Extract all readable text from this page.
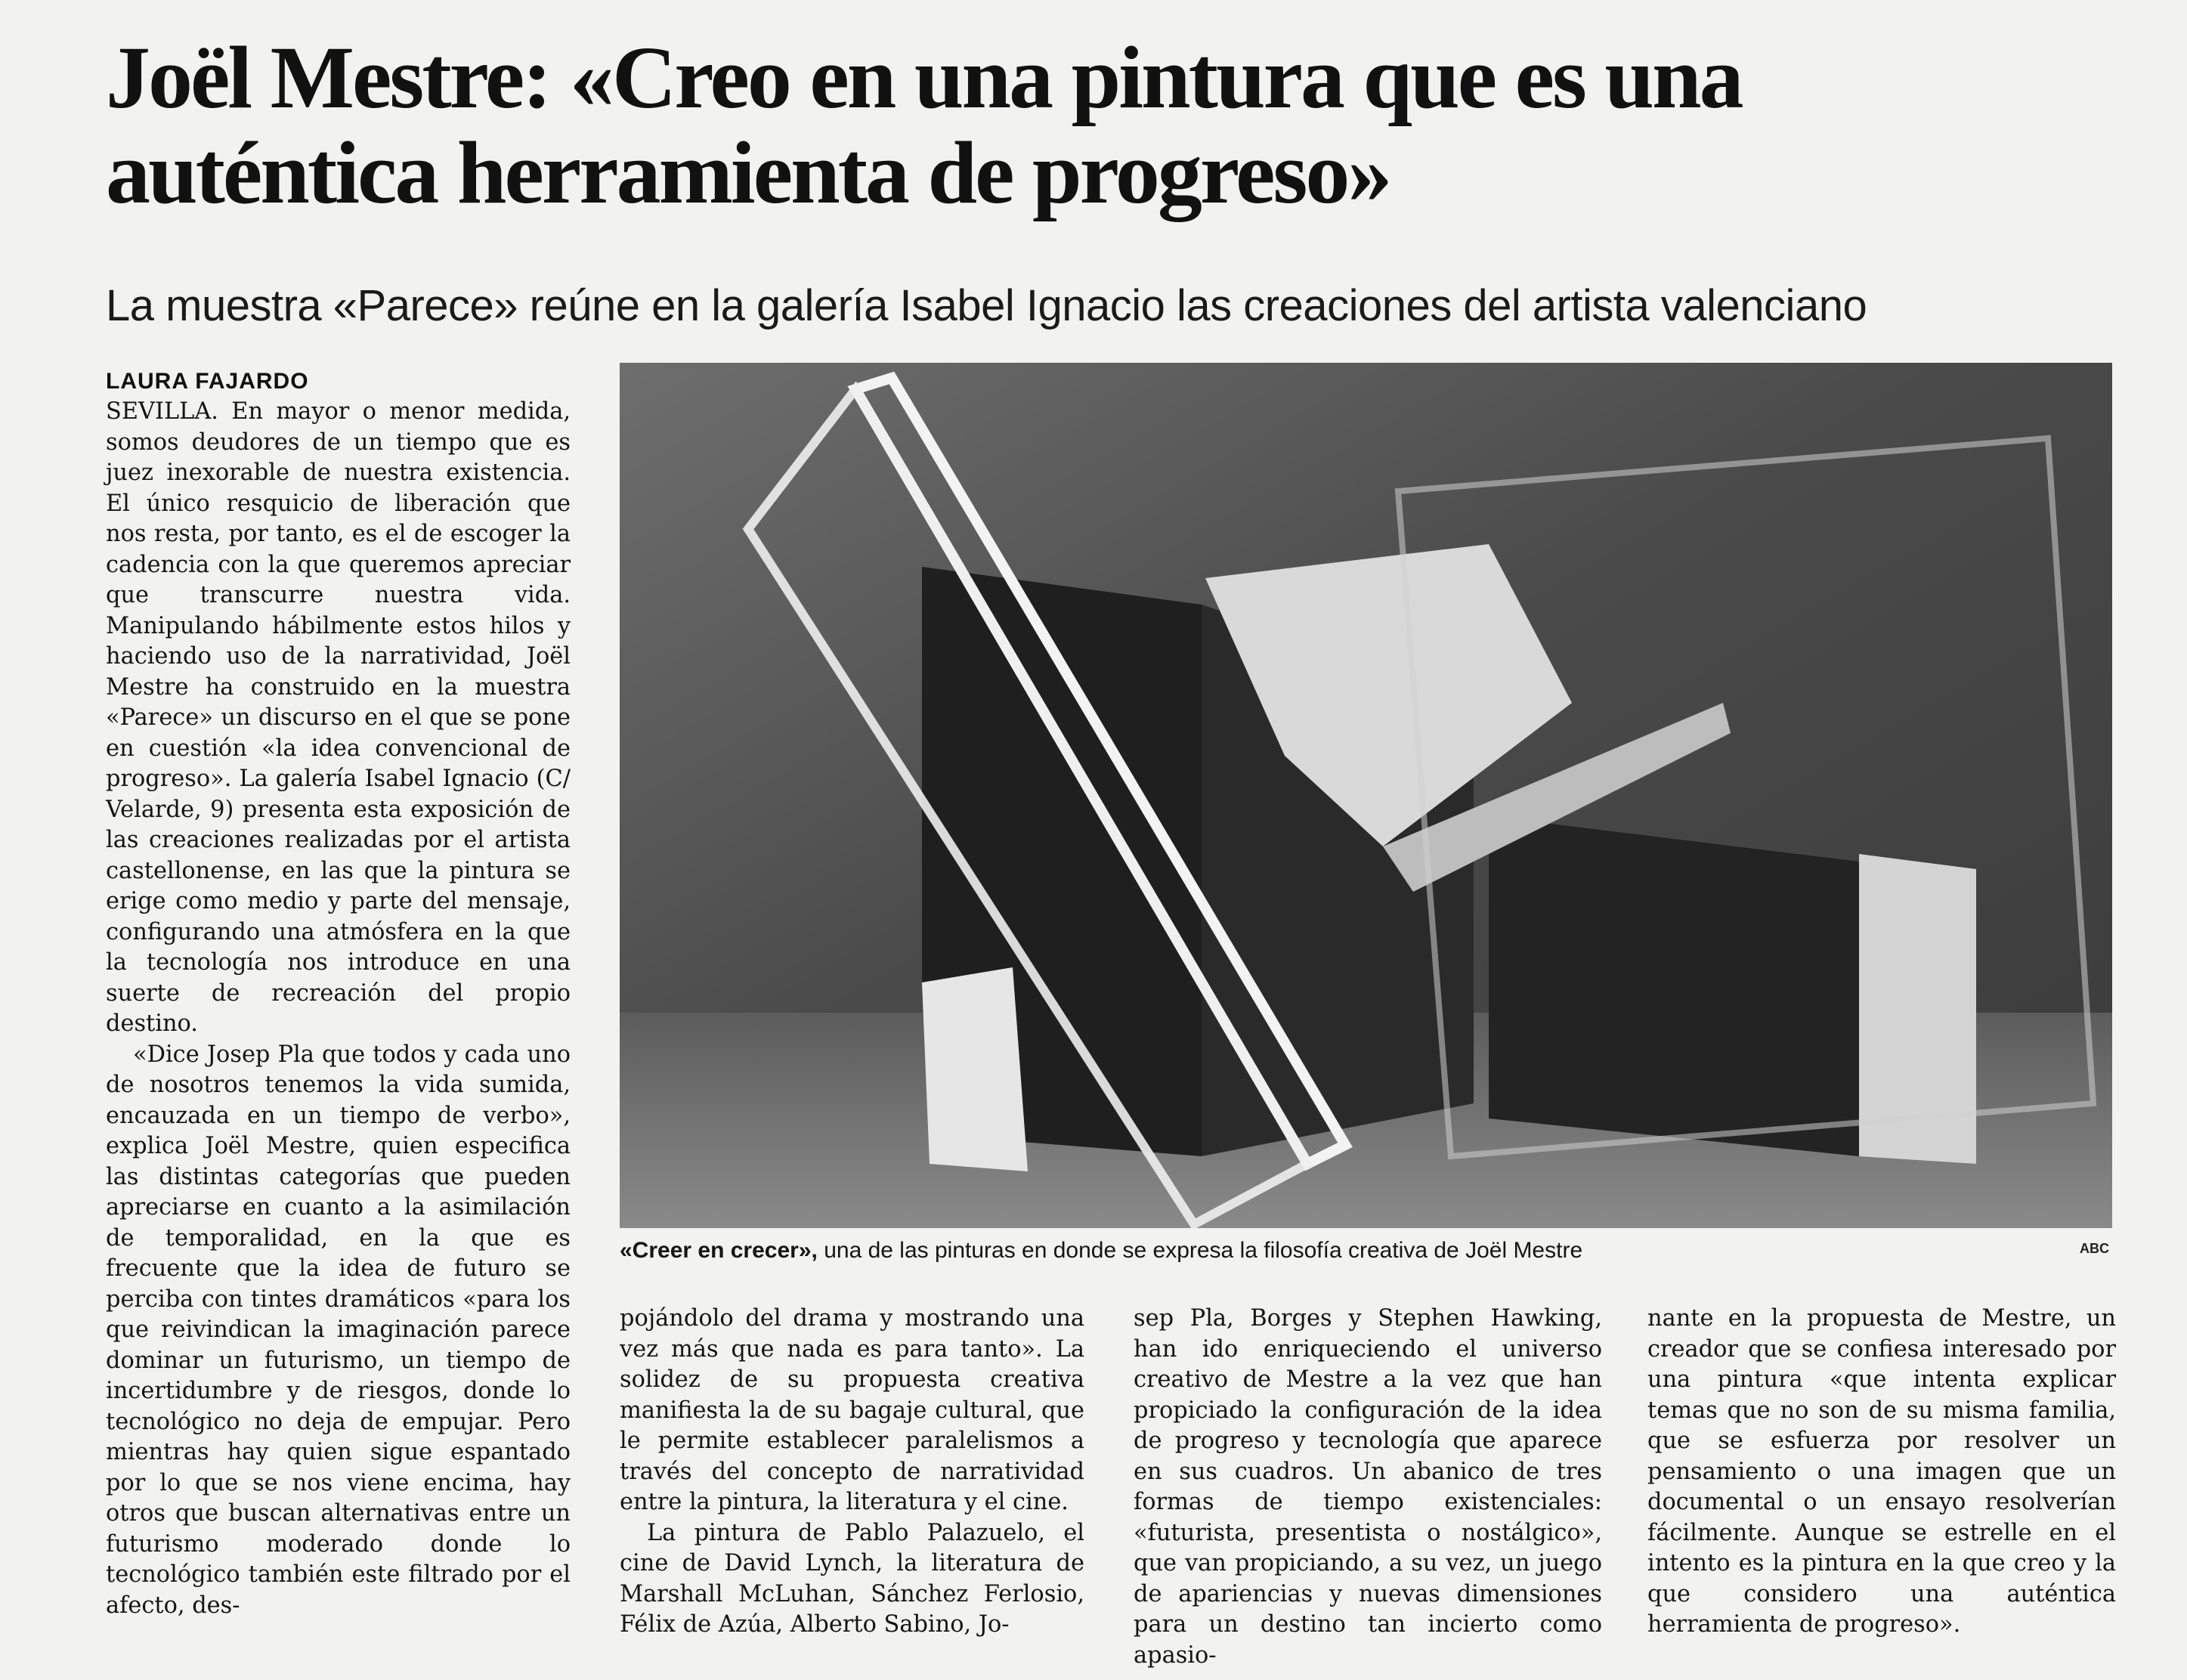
Joël Mestre: «Creo en una pintura que es una auténtica herramienta de progreso»
La muestra «Parece» reúne en la galería Isabel Ignacio las creaciones del artista valenciano
LAURA FAJARDO

SEVILLA. En mayor o menor medida, somos deudores de un tiempo que es juez inexorable de nuestra existencia. El único resquicio de liberación que nos resta, por tanto, es el de escoger la cadencia con la que queremos apreciar que transcurre nuestra vida. Manipulando hábilmente estos hilos y haciendo uso de la narratividad, Joël Mestre ha construido en la muestra «Parece» un discurso en el que se pone en cuestión «la idea convencional de progreso». La galería Isabel Ignacio (C/ Velarde, 9) presenta esta exposición de las creaciones realizadas por el artista castellonense, en las que la pintura se erige como medio y parte del mensaje, configurando una atmósfera en la que la tecnología nos introduce en una suerte de recreación del propio destino.

«Dice Josep Pla que todos y cada uno de nosotros tenemos la vida sumida, encauzada en un tiempo de verbo», explica Joël Mestre, quien especifica las distintas categorías que pueden apreciarse en cuanto a la asimilación de temporalidad, en la que es frecuente que la idea de futuro se perciba con tintes dramáticos «para los que reivindican la imaginación parece dominar un futurismo, un tiempo de incertidumbre y de riesgos, donde lo tecnológico no deja de empujar. Pero mientras hay quien sigue espantado por lo que se nos viene encima, hay otros que buscan alternativas entre un futurismo moderado donde lo tecnológico también este filtrado por el afecto, des-

«Creer en crecer», una de las pinturas en donde se expresa la filosofía creativa de Joël Mestre	ABC

pojándolo del drama y mostrando una vez más que nada es para tanto». La solidez de su propuesta creativa manifiesta la de su bagaje cultural, que le permite establecer paralelismos a través del concepto de narratividad entre la pintura, la literatura y el cine.

La pintura de Pablo Palazuelo, el cine de David Lynch, la literatura de Marshall McLuhan, Sánchez Ferlosio, Félix de Azúa, Alberto Sabino, Jo-

sep Pla, Borges y Stephen Hawking, han ido enriqueciendo el universo creativo de Mestre a la vez que han propiciado la configuración de la idea de progreso y tecnología que aparece en sus cuadros. Un abanico de tres formas de tiempo existenciales: «futurista, presentista o nostálgico», que van propiciando, a su vez, un juego de apariencias y nuevas dimensiones para un destino tan incierto como apasio-

nante en la propuesta de Mestre, un creador que se confiesa interesado por una pintura «que intenta explicar temas que no son de su misma familia, que se esfuerza por resolver un pensamiento o una imagen que un documental o un ensayo resolverían fácilmente. Aunque se estrelle en el intento es la pintura en la que creo y la que considero una auténtica herramienta de progreso».
